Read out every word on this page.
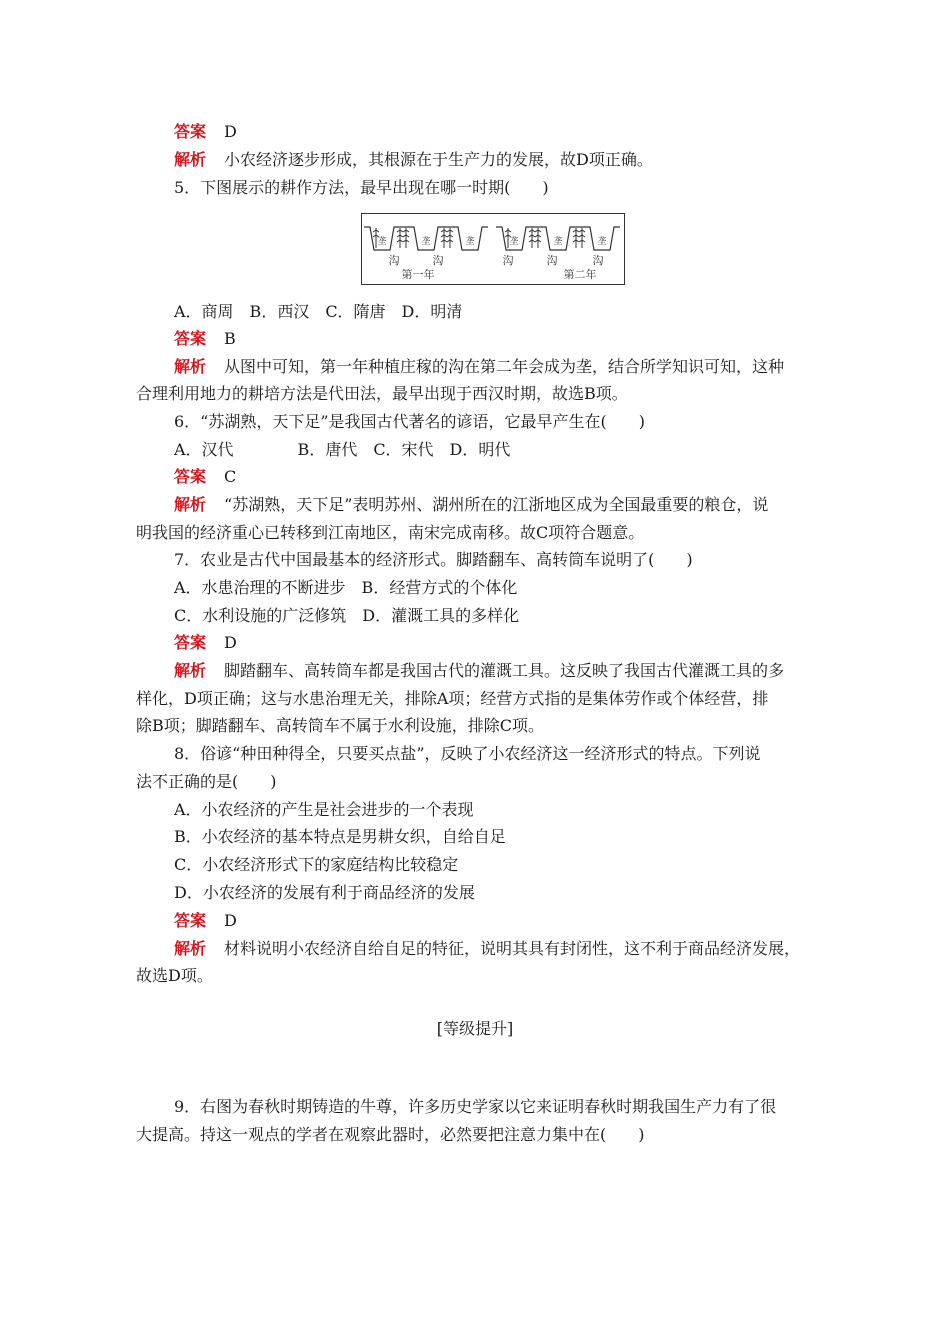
答案 D
解析 小农经济逐步形成，其根源在于生产力的发展，故D项正确。
5．下图展示的耕作方法，最早出现在哪一时期(　　)
垄	垄	垄	垄	垄	垄
沟	沟	沟	沟	沟
第一年	第二年
A．商周　B．西汉　C．隋唐　D．明清
答案 B
解析 从图中可知，第一年种植庄稼的沟在第二年会成为垄，结合所学知识可知，这种
合理利用地力的耕培方法是代田法，最早出现于西汉时期，故选B项。
6．“苏湖熟，天下足”是我国古代著名的谚语，它最早产生在(　　)
A．汉代　　　　B．唐代　C．宋代　D．明代
答案 C
解析 “苏湖熟，天下足”表明苏州、湖州所在的江浙地区成为全国最重要的粮仓，说
明我国的经济重心已转移到江南地区，南宋完成南移。故C项符合题意。
7．农业是古代中国最基本的经济形式。脚踏翻车、高转筒车说明了(　　)
A．水患治理的不断进步　B．经营方式的个体化
C．水利设施的广泛修筑　D．灌溉工具的多样化
答案 D
解析 脚踏翻车、高转筒车都是我国古代的灌溉工具。这反映了我国古代灌溉工具的多
样化，D项正确；这与水患治理无关，排除A项；经营方式指的是集体劳作或个体经营，排
除B项；脚踏翻车、高转筒车不属于水利设施，排除C项。
8．俗谚“种田种得全，只要买点盐”，反映了小农经济这一经济形式的特点。下列说
法不正确的是(　　)
A．小农经济的产生是社会进步的一个表现
B．小农经济的基本特点是男耕女织，自给自足
C．小农经济形式下的家庭结构比较稳定
D．小农经济的发展有利于商品经济的发展
答案 D
解析 材料说明小农经济自给自足的特征，说明其具有封闭性，这不利于商品经济发展，
故选D项。
[等级提升]
9．右图为春秋时期铸造的牛尊，许多历史学家以它来证明春秋时期我国生产力有了很
大提高。持这一观点的学者在观察此器时，必然要把注意力集中在(　　)
